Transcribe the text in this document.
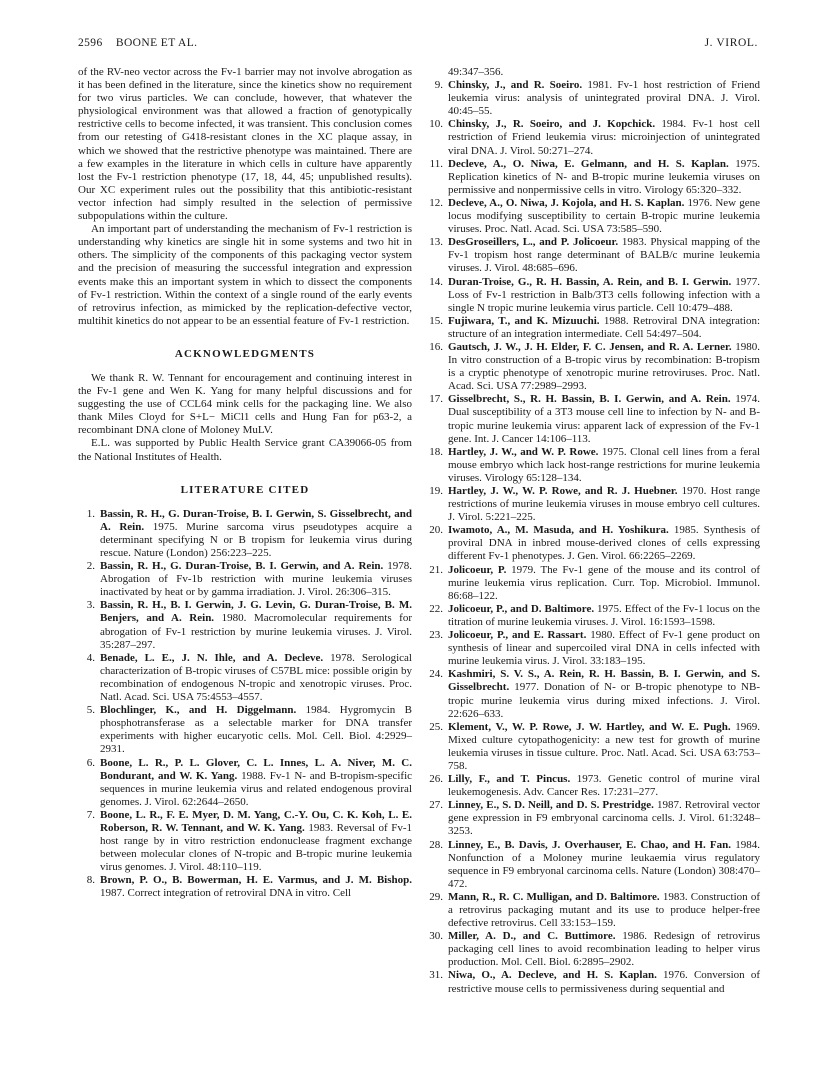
2596 BOONE ET AL.	J. VIROL.

of the RV-neo vector across the Fv-1 barrier may not involve abrogation as it has been defined in the literature, since the kinetics show no requirement for two virus particles. We can conclude, however, that whatever the physiological environment was that allowed a fraction of genotypically restrictive cells to become infected, it was transient. This conclusion comes from our retesting of G418-resistant clones in the XC plaque assay, in which we showed that the restrictive phenotype was maintained. There are a few examples in the literature in which cells in culture have apparently lost the Fv-1 restriction phenotype (17, 18, 44, 45; unpublished results). Our XC experiment rules out the possibility that this antibiotic-resistant vector infection had simply resulted in the selection of permissive subpopulations within the culture.

An important part of understanding the mechanism of Fv-1 restriction is understanding why kinetics are single hit in some systems and two hit in others. The simplicity of the components of this packaging vector system and the precision of measuring the successful integration and expression events make this an important system in which to dissect the components of Fv-1 restriction. Within the context of a single round of the early events of retrovirus infection, as mimicked by the replication-defective vector, multihit kinetics do not appear to be an essential feature of Fv-1 restriction.

ACKNOWLEDGMENTS

We thank R. W. Tennant for encouragement and continuing interest in the Fv-1 gene and Wen K. Yang for many helpful discussions and for suggesting the use of CCL64 mink cells for the packaging line. We also thank Miles Cloyd for S+L− MiCl1 cells and Hung Fan for p63-2, a recombinant DNA clone of Moloney MuLV.

E.L. was supported by Public Health Service grant CA39066-05 from the National Institutes of Health.

LITERATURE CITED

1. Bassin, R. H., G. Duran-Troise, B. I. Gerwin, S. Gisselbrecht, and A. Rein. 1975. Murine sarcoma virus pseudotypes acquire a determinant specifying N or B tropism for leukemia virus during rescue. Nature (London) 256:223–225.

2. Bassin, R. H., G. Duran-Troise, B. I. Gerwin, and A. Rein. 1978. Abrogation of Fv-1b restriction with murine leukemia viruses inactivated by heat or by gamma irradiation. J. Virol. 26:306–315.

3. Bassin, R. H., B. I. Gerwin, J. G. Levin, G. Duran-Troise, B. M. Benjers, and A. Rein. 1980. Macromolecular requirements for abrogation of Fv-1 restriction by murine leukemia viruses. J. Virol. 35:287–297.

4. Benade, L. E., J. N. Ihle, and A. Decleve. 1978. Serological characterization of B-tropic viruses of C57BL mice: possible origin by recombination of endogenous N-tropic and xenotropic viruses. Proc. Natl. Acad. Sci. USA 75:4553–4557.

5. Blochlinger, K., and H. Diggelmann. 1984. Hygromycin B phosphotransferase as a selectable marker for DNA transfer experiments with higher eucaryotic cells. Mol. Cell. Biol. 4:2929–2931.

6. Boone, L. R., P. L. Glover, C. L. Innes, L. A. Niver, M. C. Bondurant, and W. K. Yang. 1988. Fv-1 N- and B-tropism-specific sequences in murine leukemia virus and related endogenous proviral genomes. J. Virol. 62:2644–2650.

7. Boone, L. R., F. E. Myer, D. M. Yang, C.-Y. Ou, C. K. Koh, L. E. Roberson, R. W. Tennant, and W. K. Yang. 1983. Reversal of Fv-1 host range by in vitro restriction endonuclease fragment exchange between molecular clones of N-tropic and B-tropic murine leukemia virus genomes. J. Virol. 48:110–119.

8. Brown, P. O., B. Bowerman, H. E. Varmus, and J. M. Bishop. 1987. Correct integration of retroviral DNA in vitro. Cell

49:347–356.

9. Chinsky, J., and R. Soeiro. 1981. Fv-1 host restriction of Friend leukemia virus: analysis of unintegrated proviral DNA. J. Virol. 40:45–55.

10. Chinsky, J., R. Soeiro, and J. Kopchick. 1984. Fv-1 host cell restriction of Friend leukemia virus: microinjection of unintegrated viral DNA. J. Virol. 50:271–274.

11. Decleve, A., O. Niwa, E. Gelmann, and H. S. Kaplan. 1975. Replication kinetics of N- and B-tropic murine leukemia viruses on permissive and nonpermissive cells in vitro. Virology 65:320–332.

12. Decleve, A., O. Niwa, J. Kojola, and H. S. Kaplan. 1976. New gene locus modifying susceptibility to certain B-tropic murine leukemia viruses. Proc. Natl. Acad. Sci. USA 73:585–590.

13. DesGroseillers, L., and P. Jolicoeur. 1983. Physical mapping of the Fv-1 tropism host range determinant of BALB/c murine leukemia viruses. J. Virol. 48:685–696.

14. Duran-Troise, G., R. H. Bassin, A. Rein, and B. I. Gerwin. 1977. Loss of Fv-1 restriction in Balb/3T3 cells following infection with a single N tropic murine leukemia virus particle. Cell 10:479–488.

15. Fujiwara, T., and K. Mizuuchi. 1988. Retroviral DNA integration: structure of an integration intermediate. Cell 54:497–504.

16. Gautsch, J. W., J. H. Elder, F. C. Jensen, and R. A. Lerner. 1980. In vitro construction of a B-tropic virus by recombination: B-tropism is a cryptic phenotype of xenotropic murine retroviruses. Proc. Natl. Acad. Sci. USA 77:2989–2993.

17. Gisselbrecht, S., R. H. Bassin, B. I. Gerwin, and A. Rein. 1974. Dual susceptibility of a 3T3 mouse cell line to infection by N- and B-tropic murine leukemia virus: apparent lack of expression of the Fv-1 gene. Int. J. Cancer 14:106–113.

18. Hartley, J. W., and W. P. Rowe. 1975. Clonal cell lines from a feral mouse embryo which lack host-range restrictions for murine leukemia viruses. Virology 65:128–134.

19. Hartley, J. W., W. P. Rowe, and R. J. Huebner. 1970. Host range restrictions of murine leukemia viruses in mouse embryo cell cultures. J. Virol. 5:221–225.

20. Iwamoto, A., M. Masuda, and H. Yoshikura. 1985. Synthesis of proviral DNA in inbred mouse-derived clones of cells expressing different Fv-1 phenotypes. J. Gen. Virol. 66:2265–2269.

21. Jolicoeur, P. 1979. The Fv-1 gene of the mouse and its control of murine leukemia virus replication. Curr. Top. Microbiol. Immunol. 86:68–122.

22. Jolicoeur, P., and D. Baltimore. 1975. Effect of the Fv-1 locus on the titration of murine leukemia viruses. J. Virol. 16:1593–1598.

23. Jolicoeur, P., and E. Rassart. 1980. Effect of Fv-1 gene product on synthesis of linear and supercoiled viral DNA in cells infected with murine leukemia virus. J. Virol. 33:183–195.

24. Kashmiri, S. V. S., A. Rein, R. H. Bassin, B. I. Gerwin, and S. Gisselbrecht. 1977. Donation of N- or B-tropic phenotype to NB-tropic murine leukemia virus during mixed infections. J. Virol. 22:626–633.

25. Klement, V., W. P. Rowe, J. W. Hartley, and W. E. Pugh. 1969. Mixed culture cytopathogenicity: a new test for growth of murine leukemia viruses in tissue culture. Proc. Natl. Acad. Sci. USA 63:753–758.

26. Lilly, F., and T. Pincus. 1973. Genetic control of murine viral leukemogenesis. Adv. Cancer Res. 17:231–277.

27. Linney, E., S. D. Neill, and D. S. Prestridge. 1987. Retroviral vector gene expression in F9 embryonal carcinoma cells. J. Virol. 61:3248–3253.

28. Linney, E., B. Davis, J. Overhauser, E. Chao, and H. Fan. 1984. Nonfunction of a Moloney murine leukaemia virus regulatory sequence in F9 embryonal carcinoma cells. Nature (London) 308:470–472.

29. Mann, R., R. C. Mulligan, and D. Baltimore. 1983. Construction of a retrovirus packaging mutant and its use to produce helper-free defective retrovirus. Cell 33:153–159.

30. Miller, A. D., and C. Buttimore. 1986. Redesign of retrovirus packaging cell lines to avoid recombination leading to helper virus production. Mol. Cell. Biol. 6:2895–2902.

31. Niwa, O., A. Decleve, and H. S. Kaplan. 1976. Conversion of restrictive mouse cells to permissiveness during sequential and
